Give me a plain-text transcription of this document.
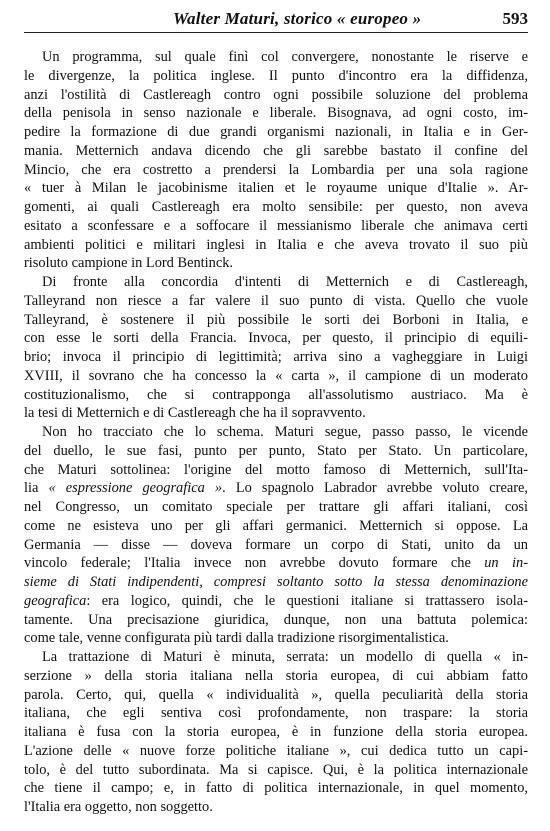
Walter Maturi, storico « europeo »	593
Un programma, sul quale finì col convergere, nonostante le riserve e
le divergenze, la politica inglese. Il punto d'incontro era la diffidenza,
anzi l'ostilità di Castlereagh contro ogni possibile soluzione del problema
della penisola in senso nazionale e liberale. Bisognava, ad ogni costo, im-
pedire la formazione di due grandi organismi nazionali, in Italia e in Ger-
mania. Metternich andava dicendo che gli sarebbe bastato il confine del
Mincio, che era costretto a prendersi la Lombardia per una sola ragione
« tuer à Milan le jacobinisme italien et le royaume unique d'Italie ». Ar-
gomenti, ai quali Castlereagh era molto sensibile: per questo, non aveva
esitato a sconfessare e a soffocare il messianismo liberale che animava certi
ambienti politici e militari inglesi in Italia e che aveva trovato il suo più
risoluto campione in Lord Bentinck.
Di fronte alla concordia d'intenti di Metternich e di Castlereagh,
Talleyrand non riesce a far valere il suo punto di vista. Quello che vuole
Talleyrand, è sostenere il più possibile le sorti dei Borboni in Italia, e
con esse le sorti della Francia. Invoca, per questo, il principio di equili-
brio; invoca il principio di legittimità; arriva sino a vagheggiare in Luigi
XVIII, il sovrano che ha concesso la « carta », il campione di un moderato
costituzionalismo, che si contrapponga all'assolutismo austriaco. Ma è
la tesi di Metternich e di Castlereagh che ha il sopravvento.
Non ho tracciato che lo schema. Maturi segue, passo passo, le vicende
del duello, le sue fasi, punto per punto, Stato per Stato. Un particolare,
che Maturi sottolinea: l'origine del motto famoso di Metternich, sull'Ita-
lia « espressione geografica ». Lo spagnolo Labrador avrebbe voluto creare,
nel Congresso, un comitato speciale per trattare gli affari italiani, così
come ne esisteva uno per gli affari germanici. Metternich si oppose. La
Germania — disse — doveva formare un corpo di Stati, unito da un
vincolo federale; l'Italia invece non avrebbe dovuto formare che un in-
sieme di Stati indipendenti, compresi soltanto sotto la stessa denominazione
geografica: era logico, quindi, che le questioni italiane si trattassero isola-
tamente. Una precisazione giuridica, dunque, non una battuta polemica:
come tale, venne configurata più tardi dalla tradizione risorgimentalistica.
La trattazione di Maturi è minuta, serrata: un modello di quella « in-
serzione » della storia italiana nella storia europea, di cui abbiam fatto
parola. Certo, qui, quella « individualità », quella peculiarità della storia
italiana, che egli sentiva così profondamente, non traspare: la storia
italiana è fusa con la storia europea, è in funzione della storia europea.
L'azione delle « nuove forze politiche italiane », cui dedica tutto un capi-
tolo, è del tutto subordinata. Ma si capisce. Qui, è la politica internazionale
che tiene il campo; e, in fatto di politica internazionale, in quel momento,
l'Italia era oggetto, non soggetto.
